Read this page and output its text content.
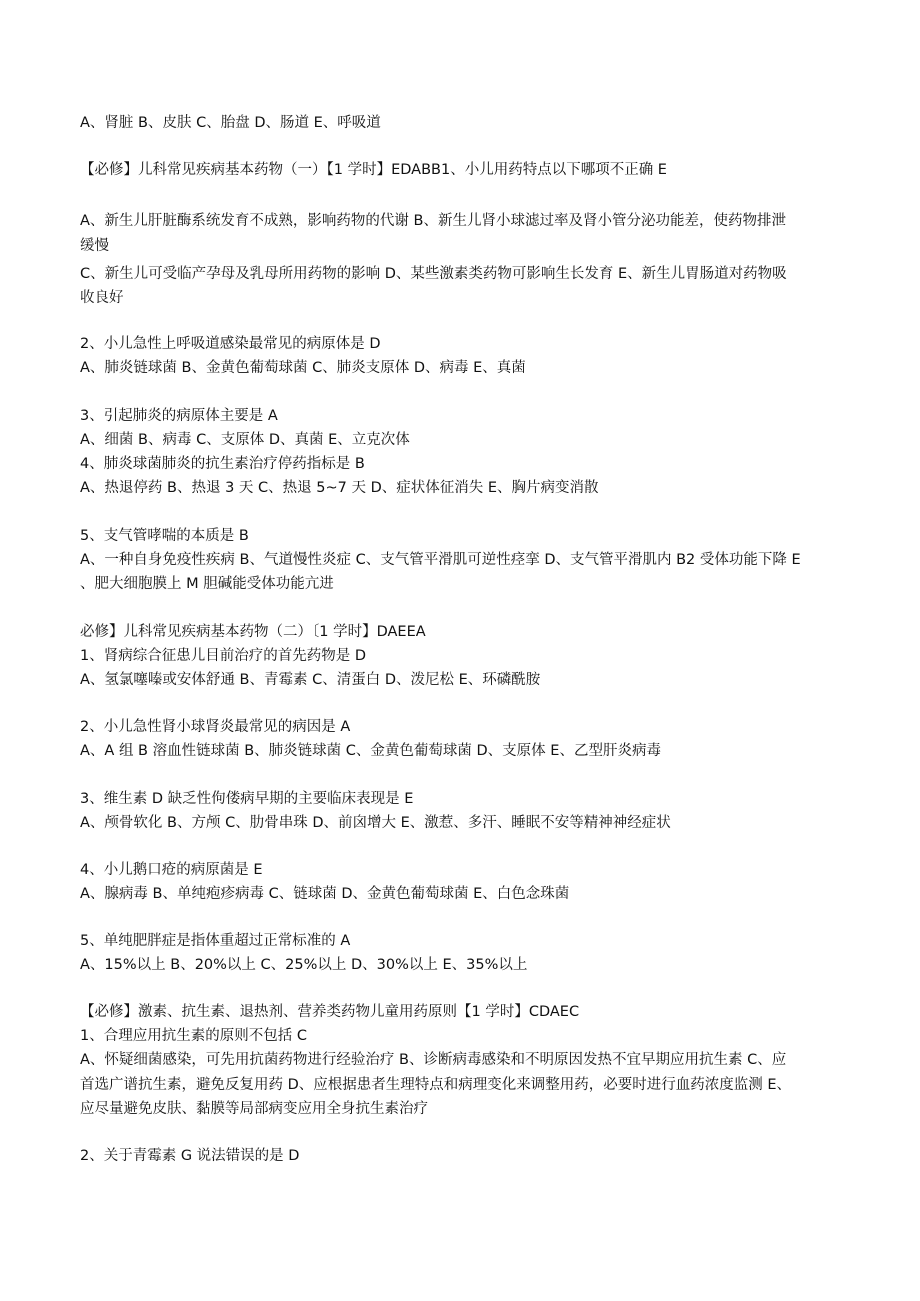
A、肾脏 B、皮肤 C、胎盘 D、肠道 E、呼吸道
【必修】儿科常见疾病基本药物（一）【1 学时】EDABB1、小儿用药特点以下哪项不正确 E
A、新生儿肝脏酶系统发育不成熟，影响药物的代谢 B、新生儿肾小球滤过率及肾小管分泌功能差，使药物排泄
缓慢
C、新生儿可受临产孕母及乳母所用药物的影响 D、某些激素类药物可影响生长发育 E、新生儿胃肠道对药物吸
收良好
2、小儿急性上呼吸道感染最常见的病原体是 D
A、肺炎链球菌 B、金黄色葡萄球菌 C、肺炎支原体 D、病毒 E、真菌
3、引起肺炎的病原体主要是 A
A、细菌 B、病毒 C、支原体 D、真菌 E、立克次体
4、肺炎球菌肺炎的抗生素治疗停药指标是 B
A、热退停药 B、热退 3 天 C、热退 5~7 天 D、症状体征消失 E、胸片病变消散
5、支气管哮喘的本质是 B
A、一种自身免疫性疾病 B、气道慢性炎症 C、支气管平滑肌可逆性痉挛 D、支气管平滑肌内 B2 受体功能下降 E
、肥大细胞膜上 M 胆碱能受体功能亢进
必修】儿科常见疾病基本药物（二）〔1 学时】DAEEA
1、肾病综合征患儿目前治疗的首先药物是 D
A、氢氯噻嗪或安体舒通 B、青霉素 C、清蛋白 D、泼尼松 E、环磷酰胺
2、小儿急性肾小球肾炎最常见的病因是 A
A、A 组 B 溶血性链球菌 B、肺炎链球菌 C、金黄色葡萄球菌 D、支原体 E、乙型肝炎病毒
3、维生素 D 缺乏性佝偻病早期的主要临床表现是 E
A、颅骨软化 B、方颅 C、肋骨串珠 D、前囟增大 E、激惹、多汗、睡眠不安等精神神经症状
4、小儿鹅口疮的病原菌是 E
A、腺病毒 B、单纯疱疹病毒 C、链球菌 D、金黄色葡萄球菌 E、白色念珠菌
5、单纯肥胖症是指体重超过正常标准的 A
A、15%以上 B、20%以上 C、25%以上 D、30%以上 E、35%以上
【必修】激素、抗生素、退热剂、营养类药物儿童用药原则【1 学时】CDAEC
1、合理应用抗生素的原则不包括 C
A、怀疑细菌感染，可先用抗菌药物进行经验治疗 B、诊断病毒感染和不明原因发热不宜早期应用抗生素 C、应
首选广谱抗生素，避免反复用药 D、应根据患者生理特点和病理变化来调整用药，必要时进行血药浓度监测 E、
应尽量避免皮肤、黏膜等局部病变应用全身抗生素治疗
2、关于青霉素 G 说法错误的是 D
